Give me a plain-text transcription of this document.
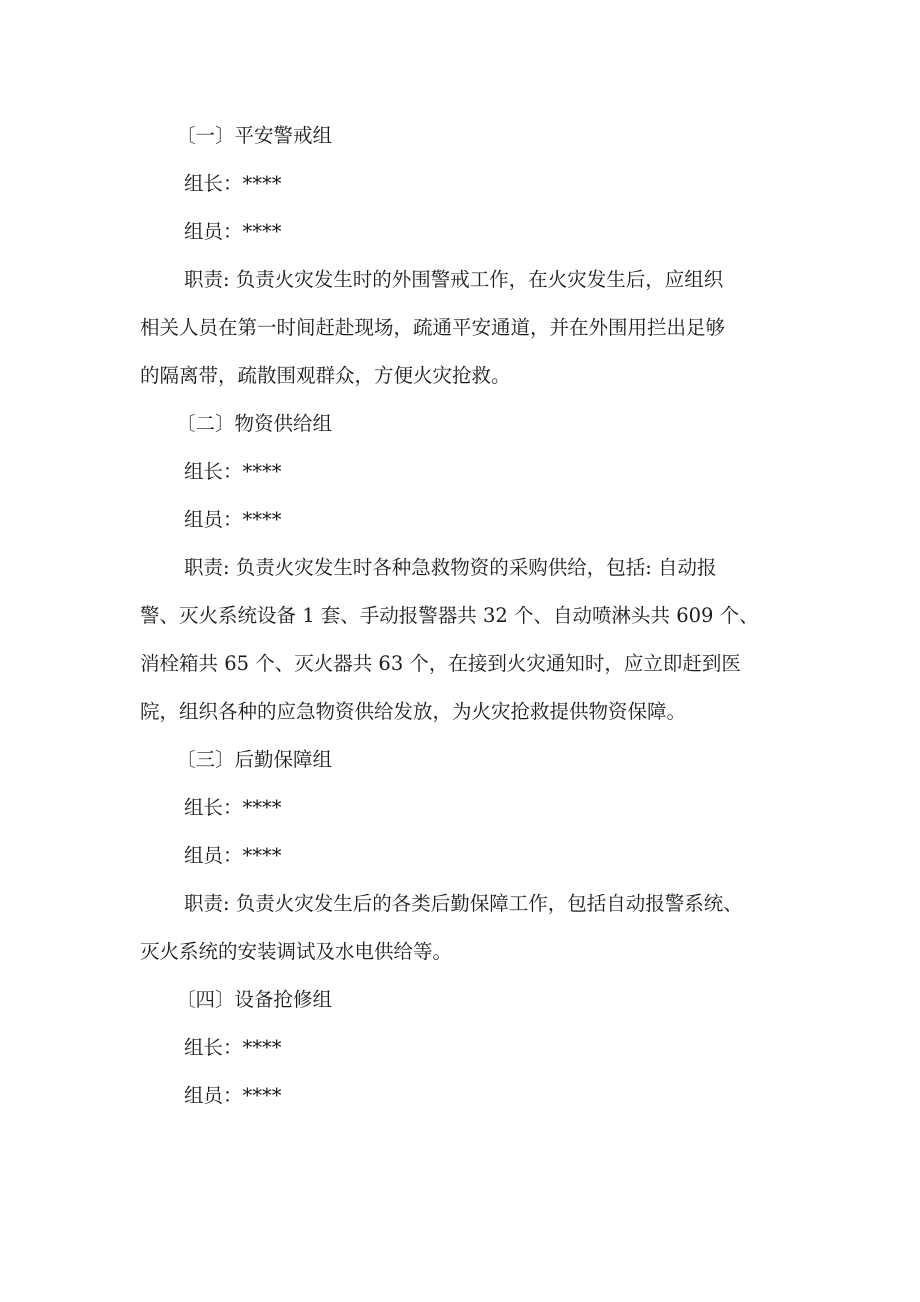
〔一〕平安警戒组

组长：****

组员：****

职责: 负责火灾发生时的外围警戒工作，在火灾发生后，应组织

相关人员在第一时间赶赴现场，疏通平安通道，并在外围用拦出足够

的隔离带，疏散围观群众，方便火灾抢救。

〔二〕物资供给组

组长：****

组员：****

职责: 负责火灾发生时各种急救物资的采购供给，包括: 自动报

警、灭火系统设备 1 套、手动报警器共 32 个、自动喷淋头共 609 个、

消栓箱共 65 个、灭火器共 63 个，在接到火灾通知时，应立即赶到医

院，组织各种的应急物资供给发放，为火灾抢救提供物资保障。

〔三〕后勤保障组

组长：****

组员：****

职责: 负责火灾发生后的各类后勤保障工作，包括自动报警系统、

灭火系统的安装调试及水电供给等。

〔四〕设备抢修组

组长：****

组员：****
